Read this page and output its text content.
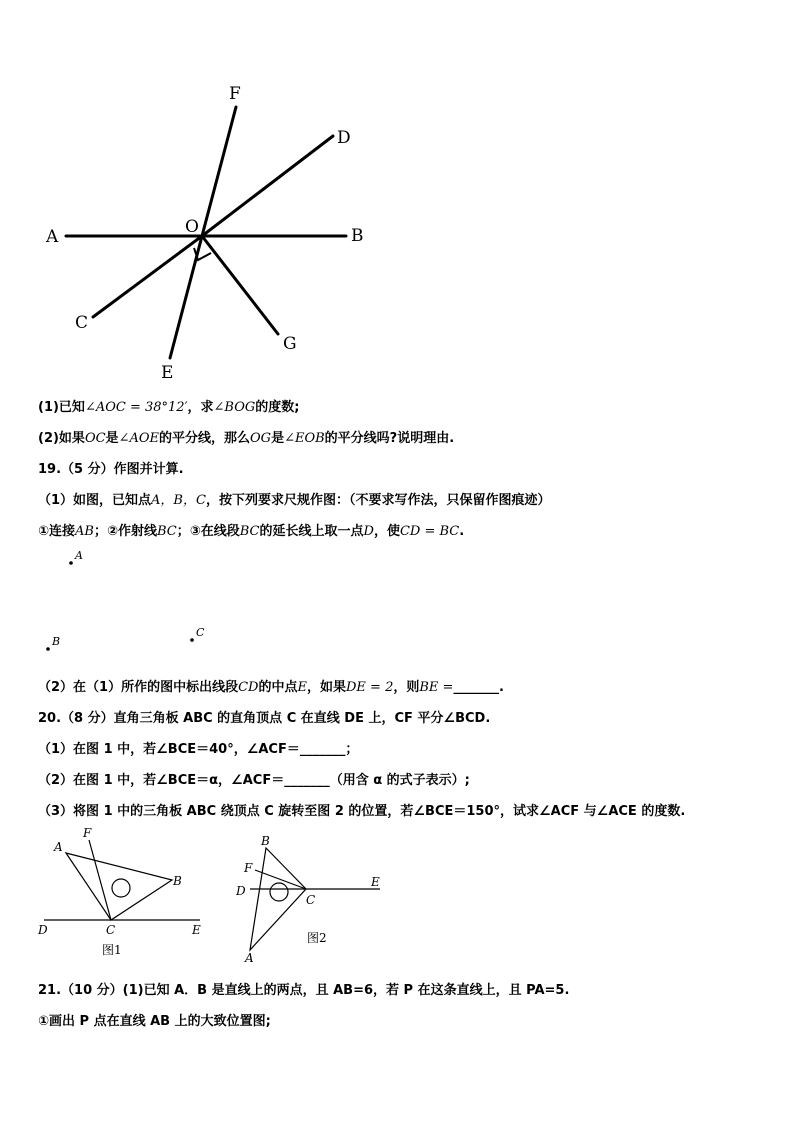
F
D
A	O	B
C
G
E
(1)已知∠AOC = 38°12′，求∠BOG的度数;
(2)如果OC是∠AOE的平分线，那么OG是∠EOB的平分线吗?说明理由.
19.（5 分）作图并计算.
（1）如图，已知点A，B，C，按下列要求尺规作图：（不要求写作法，只保留作图痕迹）
①连接AB；②作射线BC；③在线段BC的延长线上取一点D，使CD = BC.
A
B
C
（2）在（1）所作的图中标出线段CD的中点E，如果DE = 2，则BE =_______.
20.（8 分）直角三角板 ABC 的直角顶点 C 在直线 DE 上，CF 平分∠BCD.
（1）在图 1 中，若∠BCE＝40°，∠ACF＝_______；
（2）在图 1 中，若∠BCE＝α，∠ACF＝_______（用含 α 的式子表示）;
（3）将图 1 中的三角板 ABC 绕顶点 C 旋转至图 2 的位置，若∠BCE＝150°，试求∠ACF 与∠ACE 的度数.
A
F
B
D	C	E
图1
B
F
D
C
E
A
图2
21.（10 分）(1)已知 A．B 是直线上的两点，且 AB=6，若 P 在这条直线上，且 PA=5.
①画出 P 点在直线 AB 上的大致位置图;
